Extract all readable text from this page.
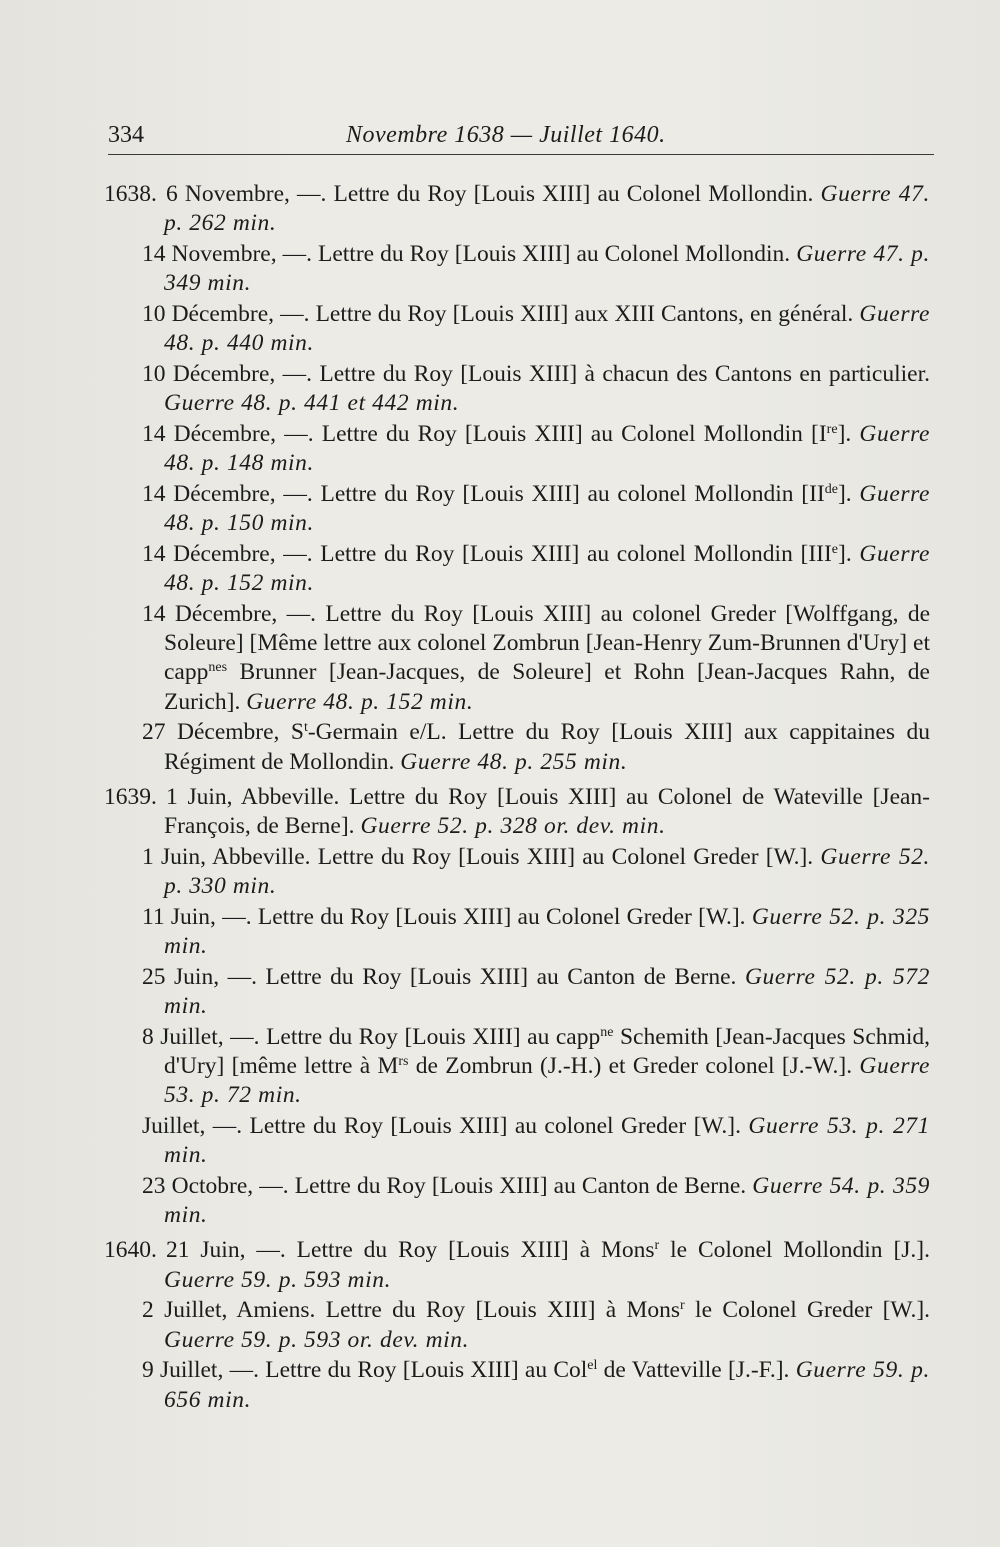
334	Novembre 1638 — Juillet 1640.

1638. 6 Novembre, —. Lettre du Roy [Louis XIII] au Colonel Mollondin. Guerre 47. p. 262 min.

14 Novembre, —. Lettre du Roy [Louis XIII] au Colonel Mollondin. Guerre 47. p. 349 min.

10 Décembre, —. Lettre du Roy [Louis XIII] aux XIII Cantons, en général. Guerre 48. p. 440 min.

10 Décembre, —. Lettre du Roy [Louis XIII] à chacun des Cantons en particulier. Guerre 48. p. 441 et 442 min.

14 Décembre, —. Lettre du Roy [Louis XIII] au Colonel Mollondin [Ire]. Guerre 48. p. 148 min.

14 Décembre, —. Lettre du Roy [Louis XIII] au colonel Mollondin [IIde]. Guerre 48. p. 150 min.

14 Décembre, —. Lettre du Roy [Louis XIII] au colonel Mollondin [IIIe]. Guerre 48. p. 152 min.

14 Décembre, —. Lettre du Roy [Louis XIII] au colonel Greder [Wolffgang, de Soleure] [Même lettre aux colonel Zombrun [Jean-Henry Zum-Brunnen d'Ury] et capp$^{nes}$ Brunner [Jean-Jacques, de Soleure] et Rohn [Jean-Jacques Rahn, de Zurich]. Guerre 48. p. 152 min.

27 Décembre, $S^t$-Germain e/L. Lettre du Roy [Louis XIII] aux cappitaines du Régiment de Mollondin. Guerre 48. p. 255 min.

1639. 1 Juin, Abbeville. Lettre du Roy [Louis XIII] au Colonel de Wateville [Jean-François, de Berne]. Guerre 52. p. 328 or. dev. min.

1 Juin, Abbeville. Lettre du Roy [Louis XIII] au Colonel Greder [W.]. Guerre 52. p. 330 min.

11 Juin, —. Lettre du Roy [Louis XIII] au Colonel Greder [W.]. Guerre 52. p. 325 min.

25 Juin, —. Lettre du Roy [Louis XIII] au Canton de Berne. Guerre 52. p. 572 min.

8 Juillet, —. Lettre du Roy [Louis XIII] au capp$^{ne}$ Schemith [Jean-Jacques Schmid, d'Ury] [même lettre à $M^{rs}$ de Zombrun (J.-H.) et Greder colonel [J.-W.]. Guerre 53. p. 72 min.

Juillet, —. Lettre du Roy [Louis XIII] au colonel Greder [W.]. Guerre 53. p. 271 min.

23 Octobre, —. Lettre du Roy [Louis XIII] au Canton de Berne. Guerre 54. p. 359 min.

1640. 21 Juin, —. Lettre du Roy [Louis XIII] à Mons$^r$ le Colonel Mollondin [J.]. Guerre 59. p. 593 min.

2 Juillet, Amiens. Lettre du Roy [Louis XIII] à Mons$^r$ le Colonel Greder [W.]. Guerre 59. p. 593 or. dev. min.

9 Juillet, —. Lettre du Roy [Louis XIII] au Col$^{el}$ de Vatteville [J.-F.]. Guerre 59. p. 656 min.
